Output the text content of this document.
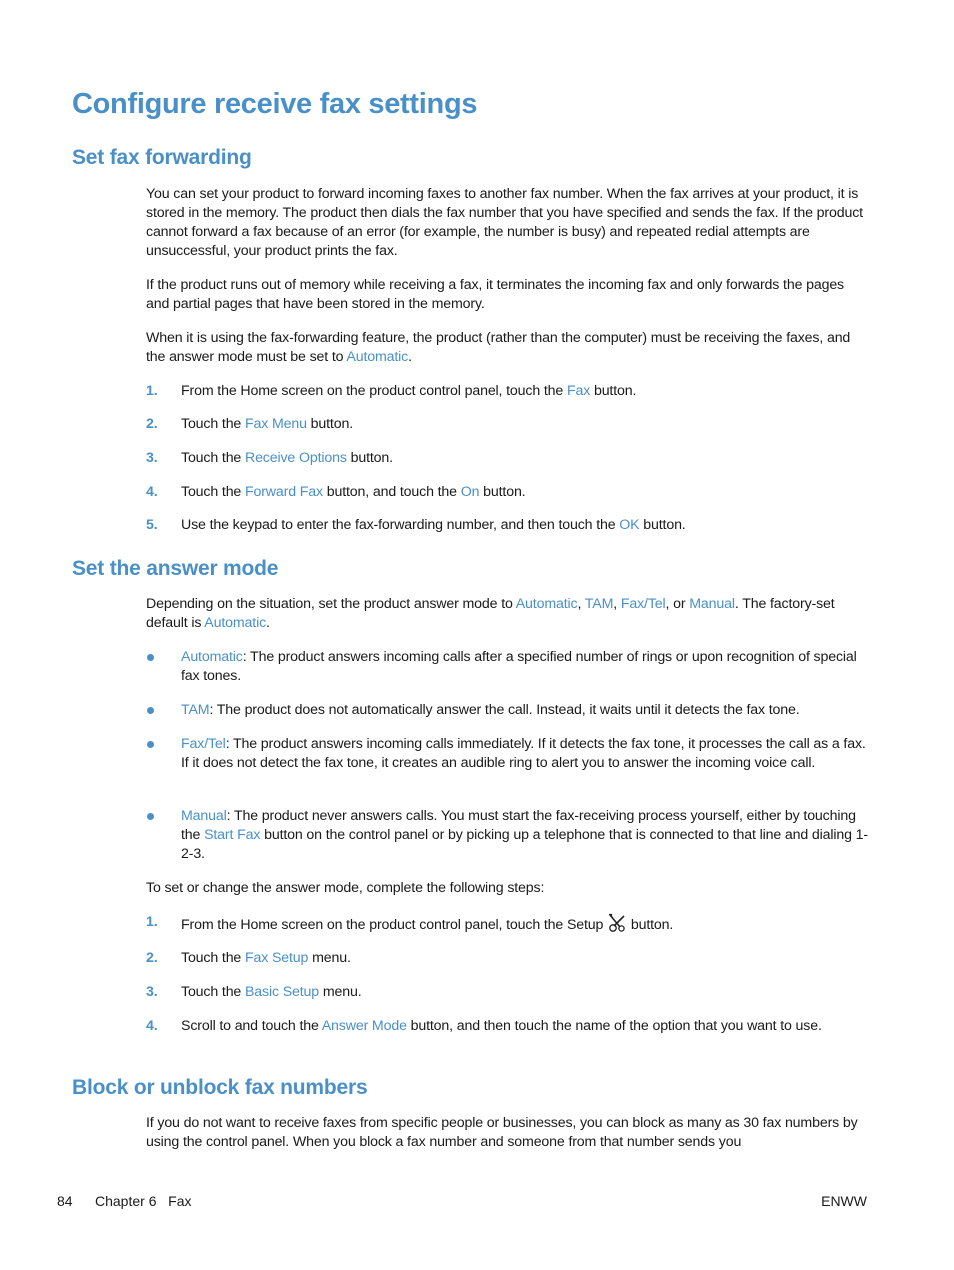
Configure receive fax settings
Set fax forwarding

You can set your product to forward incoming faxes to another fax number. When the fax arrives at your product, it is stored in the memory. The product then dials the fax number that you have specified and sends the fax. If the product cannot forward a fax because of an error (for example, the number is busy) and repeated redial attempts are unsuccessful, your product prints the fax.

If the product runs out of memory while receiving a fax, it terminates the incoming fax and only forwards the pages and partial pages that have been stored in the memory.

When it is using the fax-forwarding feature, the product (rather than the computer) must be receiving the faxes, and the answer mode must be set to Automatic.

1.	From the Home screen on the product control panel, touch the Fax button.
2.	Touch the Fax Menu button.
3.	Touch the Receive Options button.
4.	Touch the Forward Fax button, and touch the On button.
5.	Use the keypad to enter the fax-forwarding number, and then touch the OK button.
Set the answer mode

Depending on the situation, set the product answer mode to Automatic, TAM, Fax/Tel, or Manual. The factory-set default is Automatic.

Automatic: The product answers incoming calls after a specified number of rings or upon recognition of special fax tones.
TAM: The product does not automatically answer the call. Instead, it waits until it detects the fax tone.
Fax/Tel: The product answers incoming calls immediately. If it detects the fax tone, it processes the call as a fax. If it does not detect the fax tone, it creates an audible ring to alert you to answer the incoming voice call.
Manual: The product never answers calls. You must start the fax-receiving process yourself, either by touching the Start Fax button on the control panel or by picking up a telephone that is connected to that line and dialing 1-2-3.

To set or change the answer mode, complete the following steps:

1.	From the Home screen on the product control panel, touch the Setup  button.
2.	Touch the Fax Setup menu.
3.	Touch the Basic Setup menu.
4.	Scroll to and touch the Answer Mode button, and then touch the name of the option that you want to use.
Block or unblock fax numbers

If you do not want to receive faxes from specific people or businesses, you can block as many as 30 fax numbers by using the control panel. When you block a fax number and someone from that number sends you

84 Chapter 6   Fax	ENWW
